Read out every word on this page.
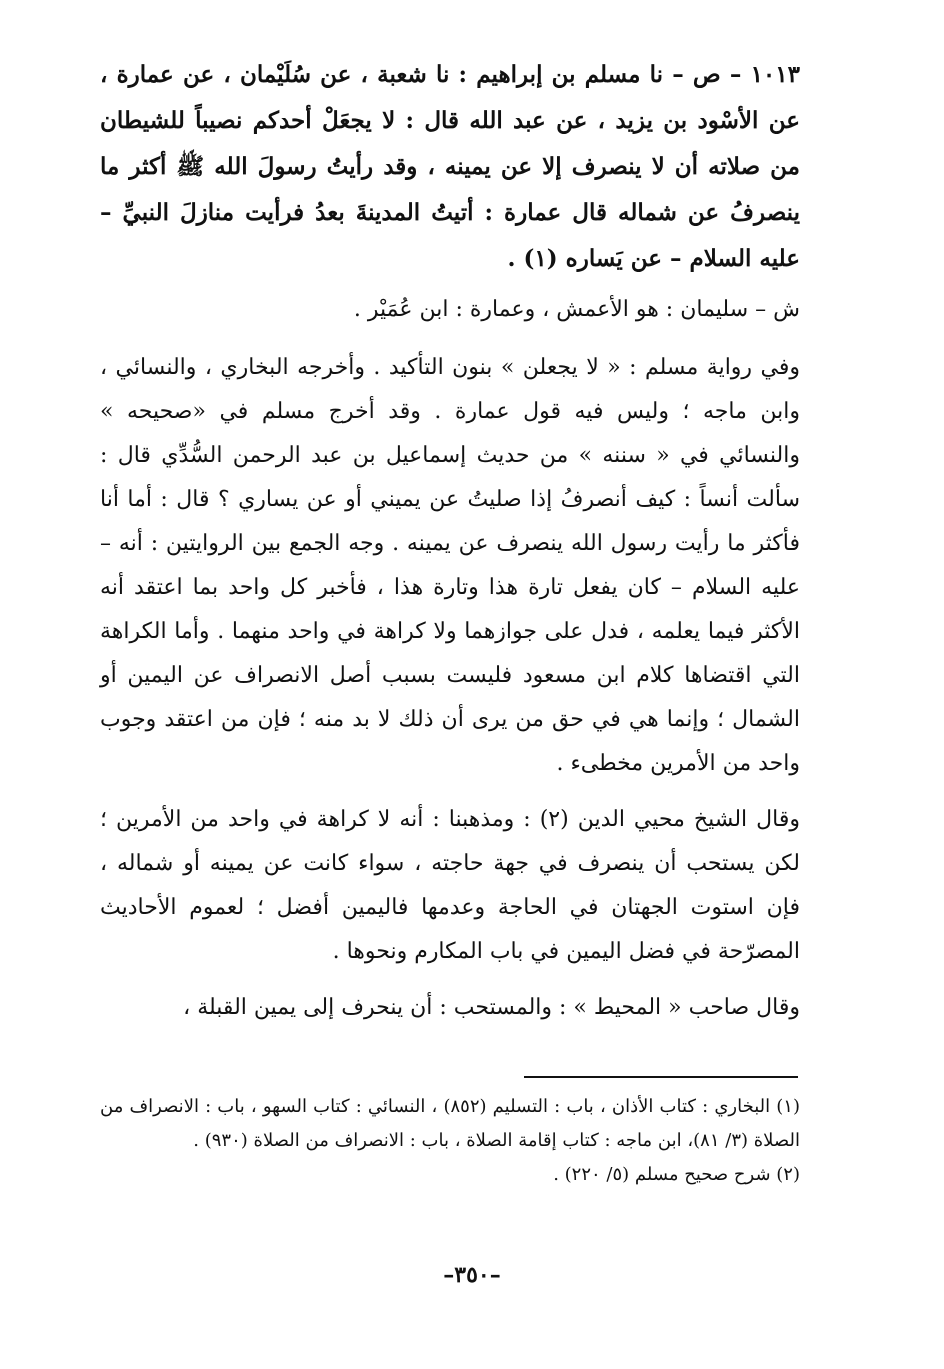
١٠١٣ – ص – نا مسلم بن إبراهيم : نا شعبة ، عن سُلَيْمان ، عن عمارة ، عن الأسْود بن يزيد ، عن عبد الله قال : لا يجعَلْ أحدكم نصيباً للشيطان من صلاته أن لا ينصرف إلا عن يمينه ، وقد رأيتُ رسولَ الله ﷺ أكثر ما ينصرفُ عن شماله قال عمارة : أتيتُ المدينةَ بعدُ فرأيت منازلَ النبيِّ – عليه السلام – عن يَساره (١) .

ش – سليمان : هو الأعمش ، وعمارة : ابن عُمَيْر .

وفي رواية مسلم : « لا يجعلن » بنون التأكيد . وأخرجه البخاري ، والنسائي ، وابن ماجه ؛ وليس فيه قول عمارة . وقد أخرج مسلم في «صحيحه » والنسائي في « سننه » من حديث إسماعيل بن عبد الرحمن السُّدِّي قال : سألت أنساً : كيف أنصرفُ إذا صليتُ عن يميني أو عن يساري ؟ قال : أما أنا فأكثر ما رأيت رسول الله ينصرف عن يمينه . وجه الجمع بين الروايتين : أنه – عليه السلام – كان يفعل تارة هذا وتارة هذا ، فأخبر كل واحد بما اعتقد أنه الأكثر فيما يعلمه ، فدل على جوازهما ولا كراهة في واحد منهما . وأما الكراهة التي اقتضاها كلام ابن مسعود فليست بسبب أصل الانصراف عن اليمين أو الشمال ؛ وإنما هي في حق من يرى أن ذلك لا بد منه ؛ فإن من اعتقد وجوب واحد من الأمرين مخطىء .

وقال الشيخ محيي الدين (٢) : ومذهبنا : أنه لا كراهة في واحد من الأمرين ؛ لكن يستحب أن ينصرف في جهة حاجته ، سواء كانت عن يمينه أو شماله ، فإن استوت الجهتان في الحاجة وعدمها فاليمين أفضل ؛ لعموم الأحاديث المصرّحة في فضل اليمين في باب المكارم ونحوها .

وقال صاحب « المحيط » : والمستحب : أن ينحرف إلى يمين القبلة ،

(١) البخاري : كتاب الأذان ، باب : التسليم (٨٥٢) ، النسائي : كتاب السهو ، باب : الانصراف من الصلاة (٣/ ٨١)، ابن ماجه : كتاب إقامة الصلاة ، باب : الانصراف من الصلاة (٩٣٠) .

(٢) شرح صحيح مسلم (٥/ ٢٢٠) .

–٣٥٠–
